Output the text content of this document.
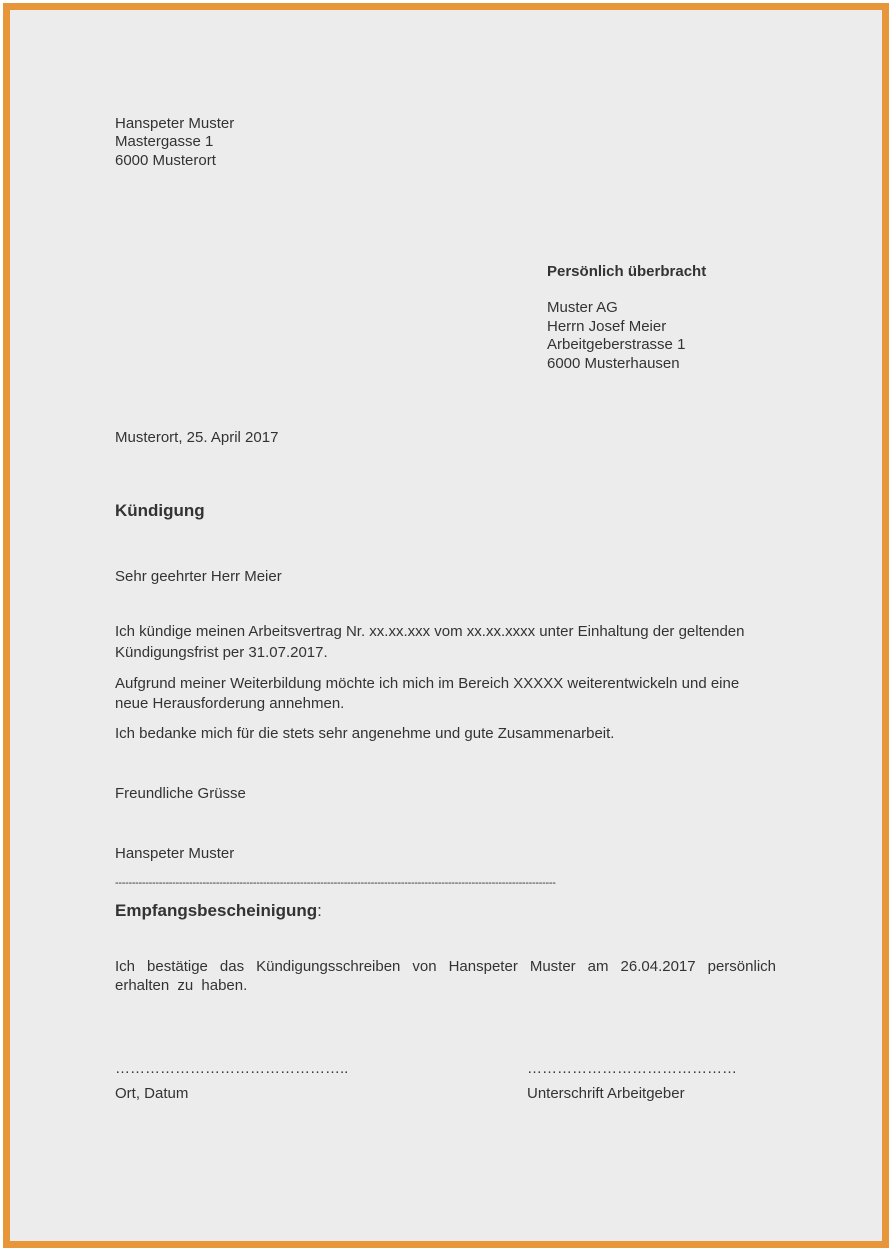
Hanspeter Muster
Mastergasse 1
6000 Musterort
Persönlich überbracht
Muster AG
Herrn Josef Meier
Arbeitgeberstrasse 1
6000 Musterhausen
Musterort, 25. April 2017
Kündigung
Sehr geehrter Herr Meier
Ich kündige meinen Arbeitsvertrag Nr. xx.xx.xxx vom xx.xx.xxxx unter Einhaltung der geltenden
Kündigungsfrist per 31.07.2017.
Aufgrund meiner Weiterbildung möchte ich mich im Bereich XXXXX weiterentwickeln und eine
neue Herausforderung annehmen.
Ich bedanke mich für die stets sehr angenehme und gute Zusammenarbeit.
Freundliche Grüsse
Hanspeter Muster
-----------------------------------------------------------------------------------------------------------------------------------
Empfangsbescheinigung:
Ich bestätige das Kündigungsschreiben von Hanspeter Muster am 26.04.2017 persönlich erhalten zu haben.
………………………………………..	……………………………………
Ort, Datum	Unterschrift Arbeitgeber
